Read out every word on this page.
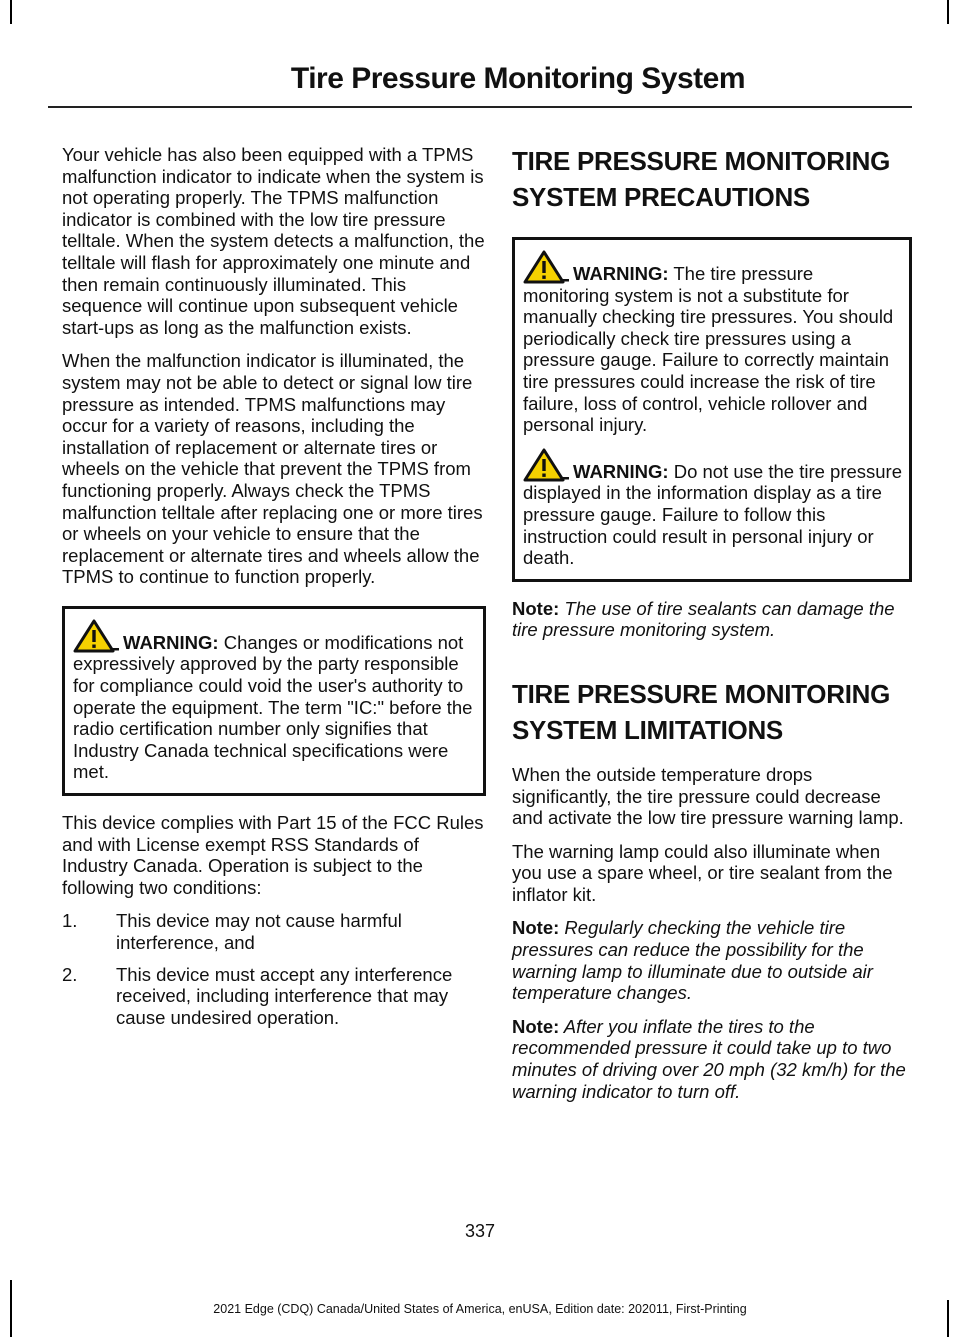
Tire Pressure Monitoring System

Your vehicle has also been equipped with a TPMS malfunction indicator to indicate when the system is not operating properly. The TPMS malfunction indicator is combined with the low tire pressure telltale. When the system detects a malfunction, the telltale will flash for approximately one minute and then remain continuously illuminated. This sequence will continue upon subsequent vehicle start-ups as long as the malfunction exists.

When the malfunction indicator is illuminated, the system may not be able to detect or signal low tire pressure as intended. TPMS malfunctions may occur for a variety of reasons, including the installation of replacement or alternate tires or wheels on the vehicle that prevent the TPMS from functioning properly. Always check the TPMS malfunction telltale after replacing one or more tires or wheels on your vehicle to ensure that the replacement or alternate tires and wheels allow the TPMS to continue to function properly.

WARNING: Changes or modifications not expressively approved by the party responsible for compliance could void the user's authority to operate the equipment. The term "IC:" before the radio certification number only signifies that Industry Canada technical specifications were met.

This device complies with Part 15 of the FCC Rules and with License exempt RSS Standards of Industry Canada. Operation is subject to the following two conditions:

1. This device may not cause harmful interference, and
2. This device must accept any interference received, including interference that may cause undesired operation.
TIRE PRESSURE MONITORING
SYSTEM PRECAUTIONS

WARNING: The tire pressure monitoring system is not a substitute for manually checking tire pressures. You should periodically check tire pressures using a pressure gauge. Failure to correctly maintain tire pressures could increase the risk of tire failure, loss of control, vehicle rollover and personal injury.

WARNING: Do not use the tire pressure displayed in the information display as a tire pressure gauge. Failure to follow this instruction could result in personal injury or death.

Note: The use of tire sealants can damage the tire pressure monitoring system.

TIRE PRESSURE MONITORING
SYSTEM LIMITATIONS

When the outside temperature drops significantly, the tire pressure could decrease and activate the low tire pressure warning lamp.

The warning lamp could also illuminate when you use a spare wheel, or tire sealant from the inflator kit.

Note: Regularly checking the vehicle tire pressures can reduce the possibility for the warning lamp to illuminate due to outside air temperature changes.

Note: After you inflate the tires to the recommended pressure it could take up to two minutes of driving over 20 mph (32 km/h) for the warning indicator to turn off.

337
2021 Edge (CDQ) Canada/United States of America, enUSA, Edition date: 202011, First-Printing
